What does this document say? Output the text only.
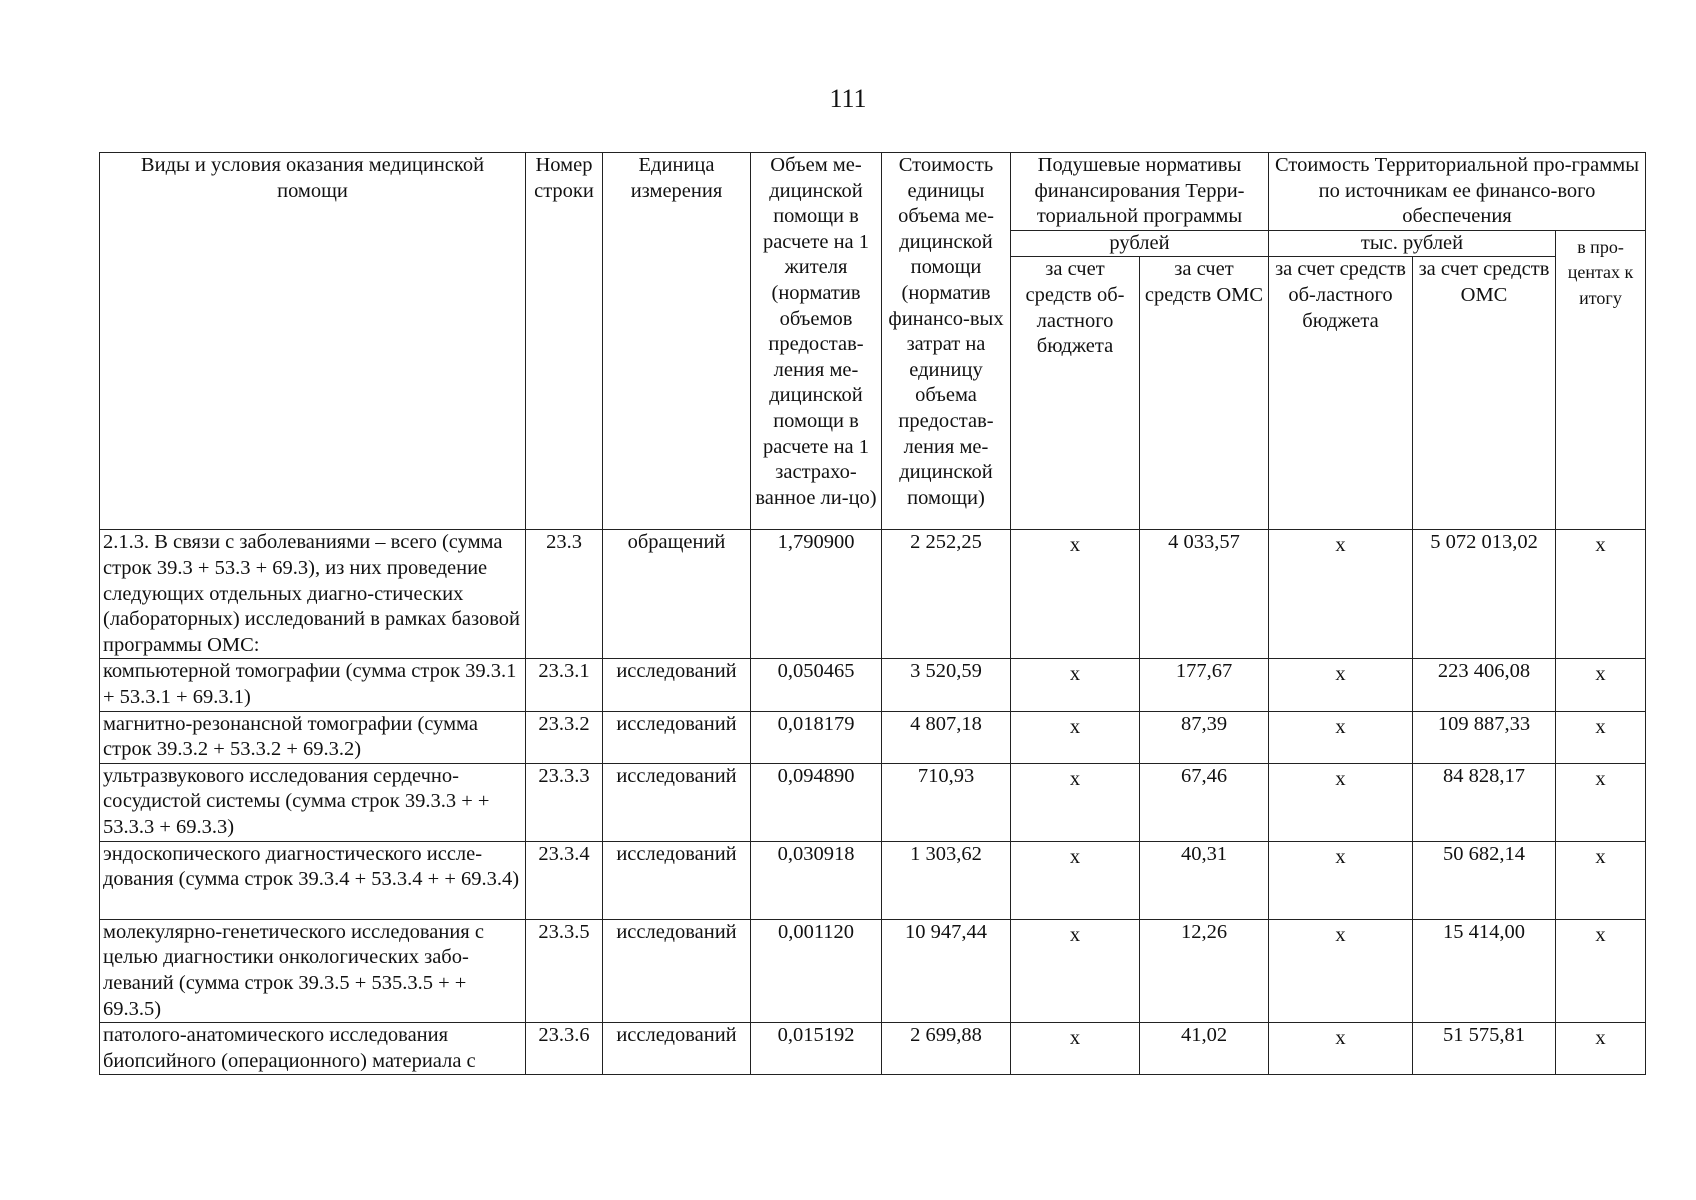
111
Виды и условия оказания медицинской помощи	Номер строки	Единица измерения	Объем ме-дицинской помощи в расчете на 1 жителя (норматив объемов предостав-ления ме-дицинской помощи в расчете на 1 застрахо-ванное ли-цо)	Стоимость единицы объема ме-дицинской помощи (норматив финансо-вых затрат на единицу объема предостав-ления ме-дицинской помощи)	Подушевые нормативы финансирования Терри-ториальной программы		Стоимость Территориальной про-граммы по источникам ее финансо-вого обеспечения		
					рублей		тыс. рублей		в про-центах к итогу
					за счет средств об-ластного бюджета	за счет средств ОМС	за счет средств об-ластного бюджета	за счет средств ОМС	
2.1.3. В связи с заболеваниями – всего (сумма строк 39.3 + 53.3 + 69.3), из них проведение следующих отдельных диагно-стических (лабораторных) исследований в рамках базовой программы ОМС:	23.3	обращений	1,790900	2 252,25	х	4 033,57	х	5 072 013,02	х
компьютерной томографии (сумма строк 39.3.1 + 53.3.1 + 69.3.1)	23.3.1	исследований	0,050465	3 520,59	х	177,67	х	223 406,08	х
магнитно-резонансной томографии (сумма строк 39.3.2 + 53.3.2 + 69.3.2)	23.3.2	исследований	0,018179	4 807,18	х	87,39	х	109 887,33	х
ультразвукового исследования сердечно-сосудистой системы (сумма строк 39.3.3 + + 53.3.3 + 69.3.3)	23.3.3	исследований	0,094890	710,93	х	67,46	х	84 828,17	х
эндоскопического диагностического иссле-дования (сумма строк 39.3.4 + 53.3.4 + + 69.3.4)	23.3.4	исследований	0,030918	1 303,62	х	40,31	х	50 682,14	х
молекулярно-генетического исследования с целью диагностики онкологических забо-леваний (сумма строк 39.3.5 + 535.3.5 + + 69.3.5)	23.3.5	исследований	0,001120	10 947,44	х	12,26	х	15 414,00	х
патолого-анатомического исследования биопсийного (операционного) материала с	23.3.6	исследований	0,015192	2 699,88	х	41,02	х	51 575,81	х
